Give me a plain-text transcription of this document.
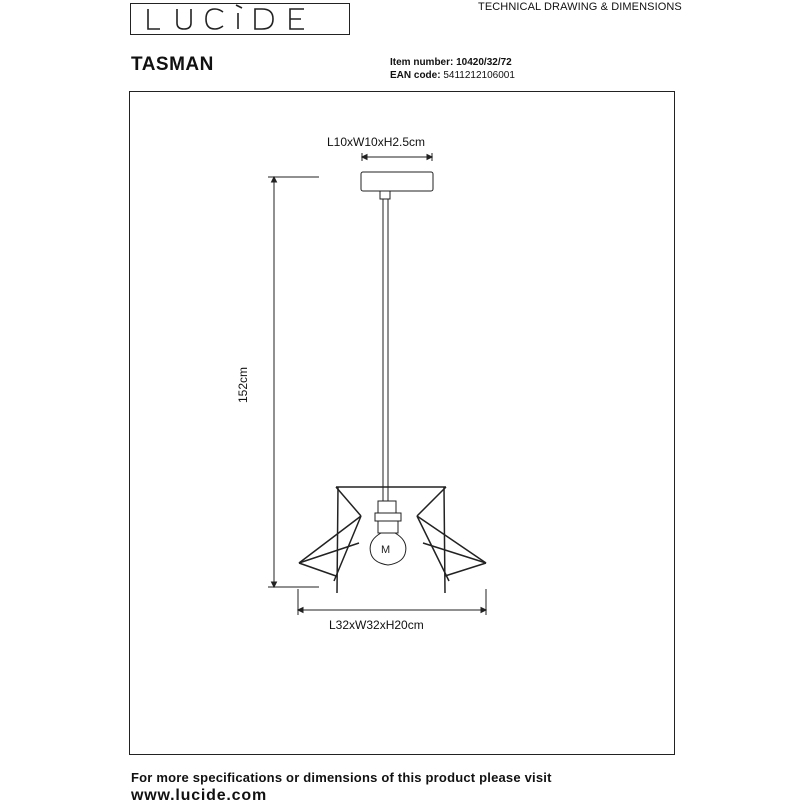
TECHNICAL DRAWING & DIMENSIONS
TASMAN	Item number: 10420/32/72
EAN code: 5411212106001
M
L10xW10xH2.5cm
L32xW32xH20cm
152cm
For more specifications or dimensions of this product please visit
www.lucide.com
